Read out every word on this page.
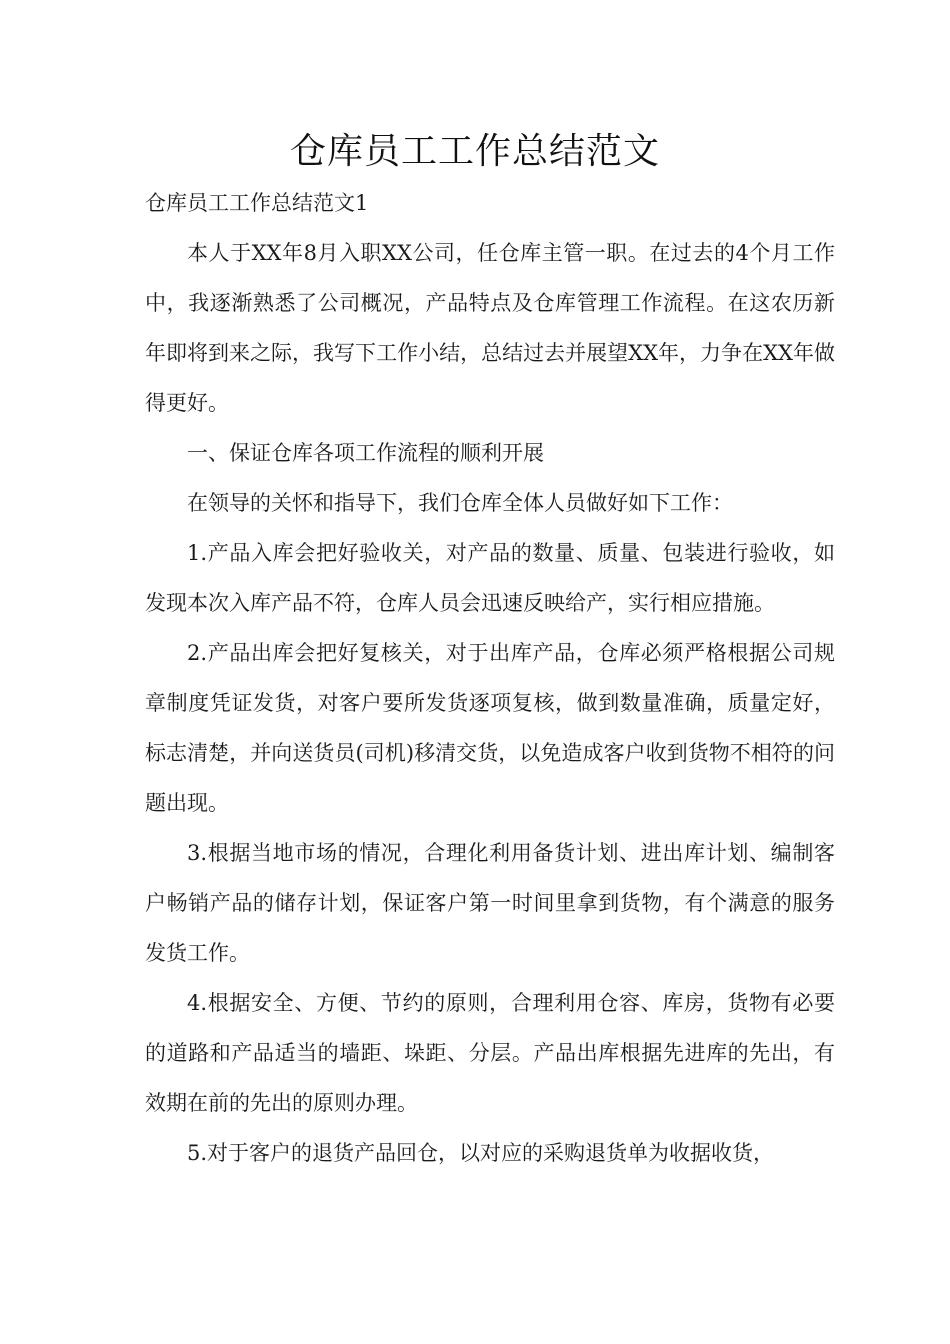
仓库员工工作总结范文

仓库员工工作总结范文1

本人于XX年8月入职XX公司，任仓库主管一职。在过去的4个月工作中，我逐渐熟悉了公司概况，产品特点及仓库管理工作流程。在这农历新年即将到来之际，我写下工作小结，总结过去并展望XX年，力争在XX年做得更好。

一、保证仓库各项工作流程的顺利开展

在领导的关怀和指导下，我们仓库全体人员做好如下工作：

1.产品入库会把好验收关，对产品的数量、质量、包装进行验收，如发现本次入库产品不符，仓库人员会迅速反映给产，实行相应措施。

2.产品出库会把好复核关，对于出库产品，仓库必须严格根据公司规章制度凭证发货，对客户要所发货逐项复核，做到数量准确，质量定好，标志清楚，并向送货员(司机)移清交货，以免造成客户收到货物不相符的问题出现。

3.根据当地市场的情况，合理化利用备货计划、进出库计划、编制客户畅销产品的储存计划，保证客户第一时间里拿到货物，有个满意的服务发货工作。

4.根据安全、方便、节约的原则，合理利用仓容、库房，货物有必要的道路和产品适当的墙距、垛距、分层。产品出库根据先进库的先出，有效期在前的先出的原则办理。

5.对于客户的退货产品回仓，以对应的采购退货单为收据收货，
